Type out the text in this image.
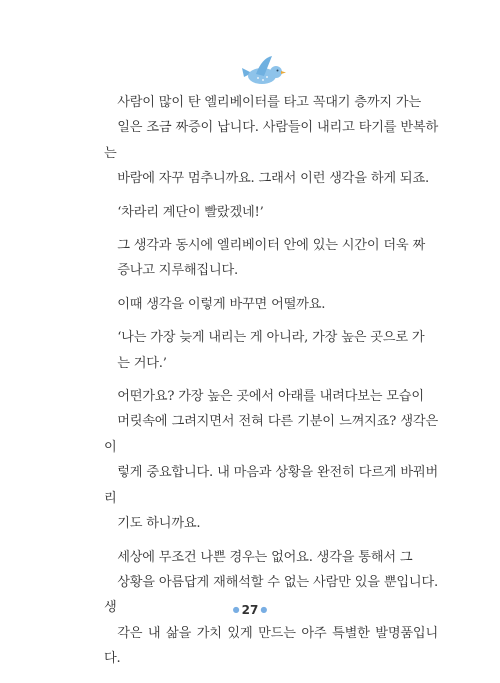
사람이 많이 탄 엘리베이터를 타고 꼭대기 층까지 가는
일은 조금 짜증이 납니다. 사람들이 내리고 타기를 반복하는
바람에 자꾸 멈추니까요. 그래서 이런 생각을 하게 되죠.

‘차라리 계단이 빨랐겠네!’

그 생각과 동시에 엘리베이터 안에 있는 시간이 더욱 짜
증나고 지루해집니다.

이때 생각을 이렇게 바꾸면 어떨까요.

‘나는 가장 늦게 내리는 게 아니라, 가장 높은 곳으로 가
는 거다.’

어떤가요? 가장 높은 곳에서 아래를 내려다보는 모습이
머릿속에 그려지면서 전혀 다른 기분이 느껴지죠? 생각은 이
렇게 중요합니다. 내 마음과 상황을 완전히 다르게 바꿔버리
기도 하니까요.

세상에 무조건 나쁜 경우는 없어요. 생각을 통해서 그
상황을 아름답게 재해석할 수 없는 사람만 있을 뿐입니다. 생
각은 내 삶을 가치 있게 만드는 아주 특별한 발명품입니다.

● 27 ●
